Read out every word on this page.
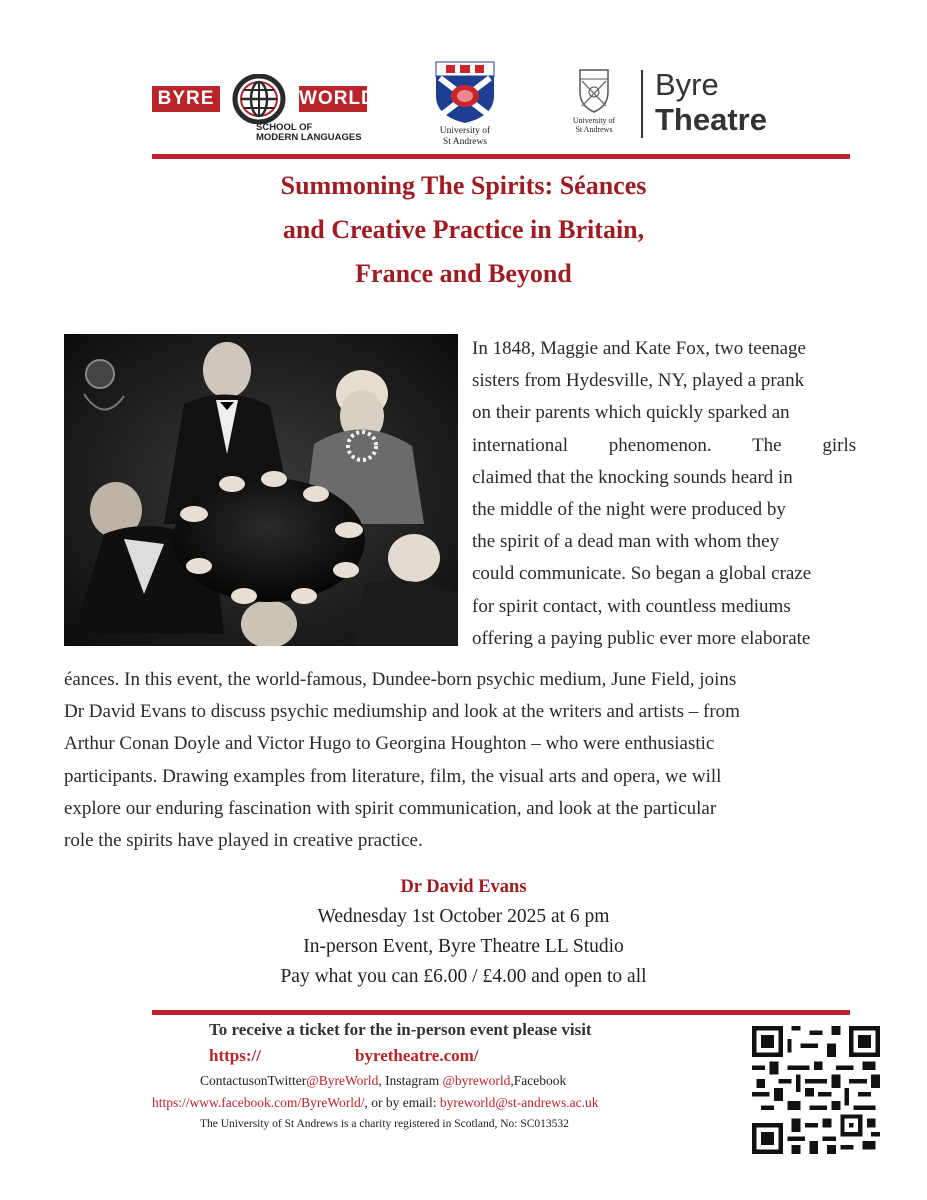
BYRE	WORLD
SCHOOL OF
MODERN LANGUAGES
University of
St Andrews
University of
St Andrews
Byre
Theatre
Summoning The Spirits: Séances
and Creative Practice in Britain,
France and Beyond
In 1848, Maggie and Kate Fox, two teenage
sisters from Hydesville, NY, played a prank
on their parents which quickly sparked an
international phenomenon. The girls
claimed that the knocking sounds heard in
the middle of the night were produced by
the spirit of a dead man with whom they
could communicate. So began a global craze
for spirit contact, with countless mediums
offering a paying public ever more elaborate
éances. In this event, the world-famous, Dundee-born psychic medium, June Field, joins
Dr David Evans to discuss psychic mediumship and look at the writers and artists – from
Arthur Conan Doyle and Victor Hugo to Georgina Houghton – who were enthusiastic
participants. Drawing examples from literature, film, the visual arts and opera, we will
explore our enduring fascination with spirit communication, and look at the particular
role the spirits have played in creative practice.
Dr David Evans
Wednesday 1st October 2025 at 6 pm
In-person Event, Byre Theatre LL Studio
Pay what you can £6.00 / £4.00 and open to all
To receive a ticket for the in-person event please visit
https://	byretheatre.com/
ContactusonTwitter@ByreWorld, Instagram @byreworld,Facebook
https://www.facebook.com/ByreWorld/, or by email: byreworld@st-andrews.ac.uk
The University of St Andrews is a charity registered in Scotland, No: SC013532
